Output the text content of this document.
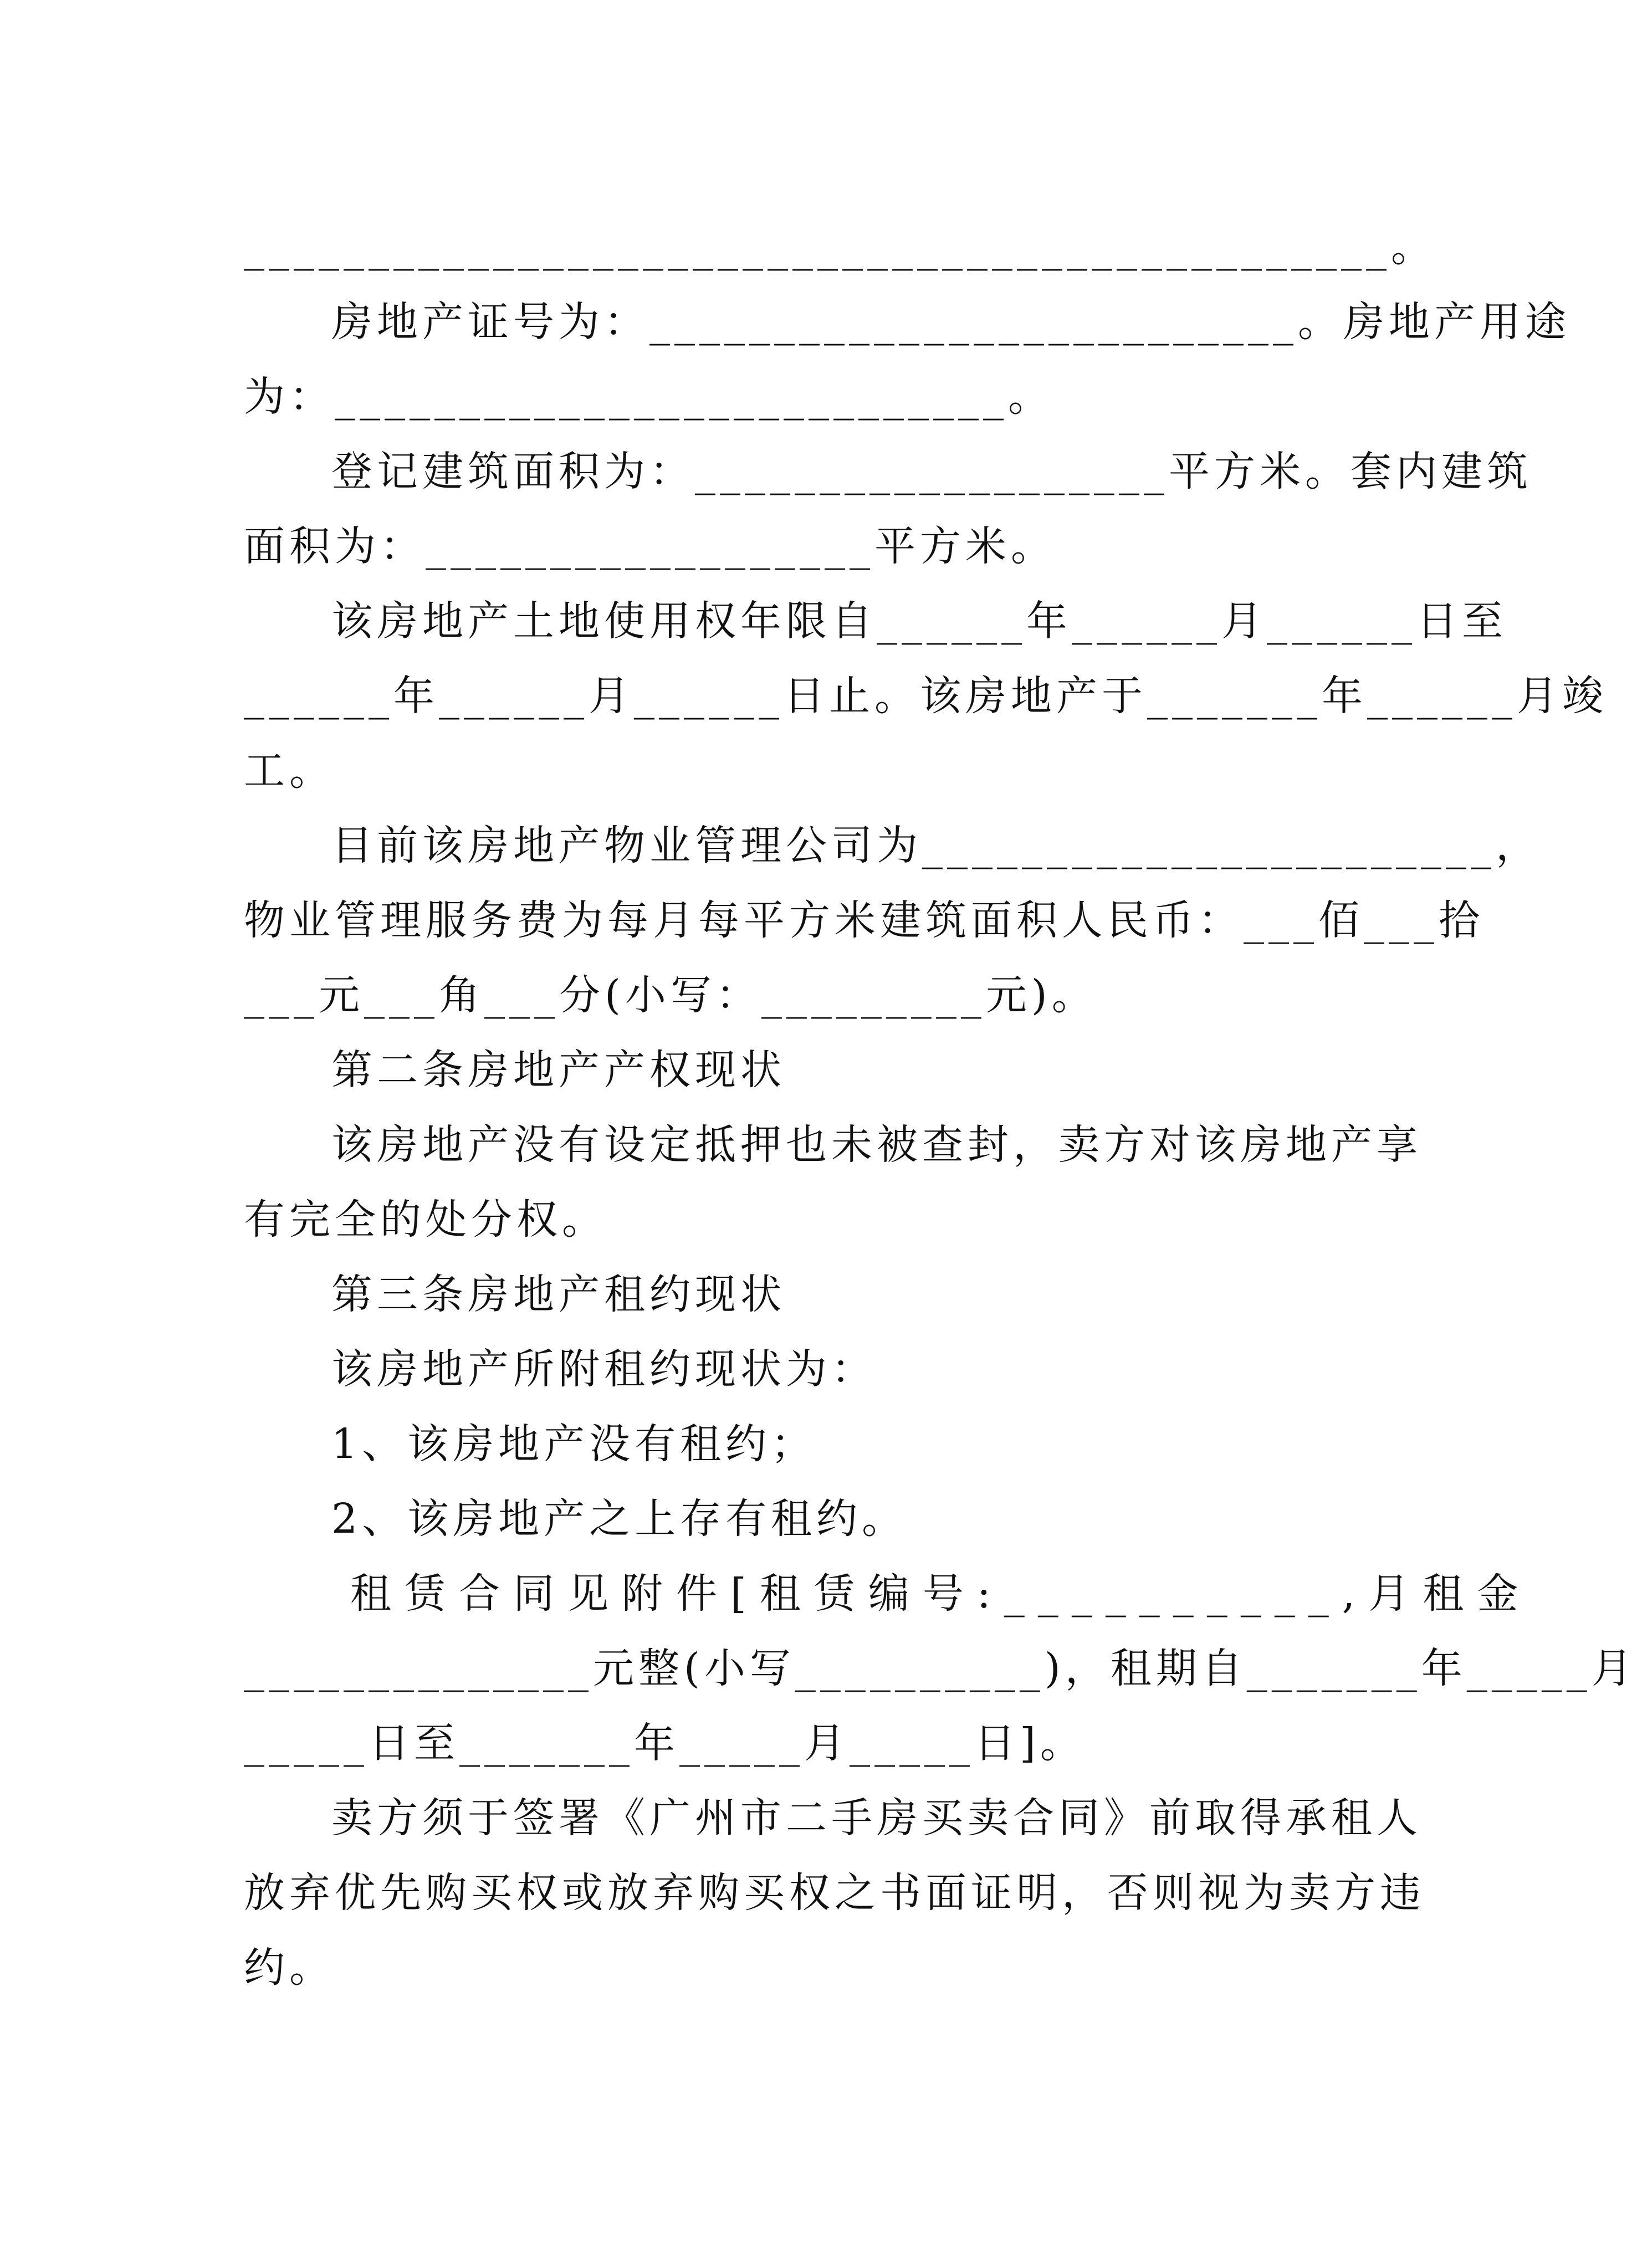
______________________________________________。
房地产证号为：__________________________。房地产用途
为：___________________________。
登记建筑面积为：___________________平方米。套内建筑
面积为：__________________平方米。
该房地产土地使用权年限自______年______月______日至
______年______月______日止。该房地产于_______年______月竣
工。
目前该房地产物业管理公司为_______________________，
物业管理服务费为每月每平方米建筑面积人民币：___佰___拾
___元___角___分(小写：_________元)。
第二条房地产产权现状
该房地产没有设定抵押也未被查封，卖方对该房地产享
有完全的处分权。
第三条房地产租约现状
该房地产所附租约现状为：
1、该房地产没有租约；
2、该房地产之上存有租约。
租赁合同见附件[租赁编号:__________,月租金
______________元整(小写__________)，租期自_______年_____月
_____日至_______年_____月_____日]。
卖方须于签署《广州市二手房买卖合同》前取得承租人
放弃优先购买权或放弃购买权之书面证明，否则视为卖方违
约。
